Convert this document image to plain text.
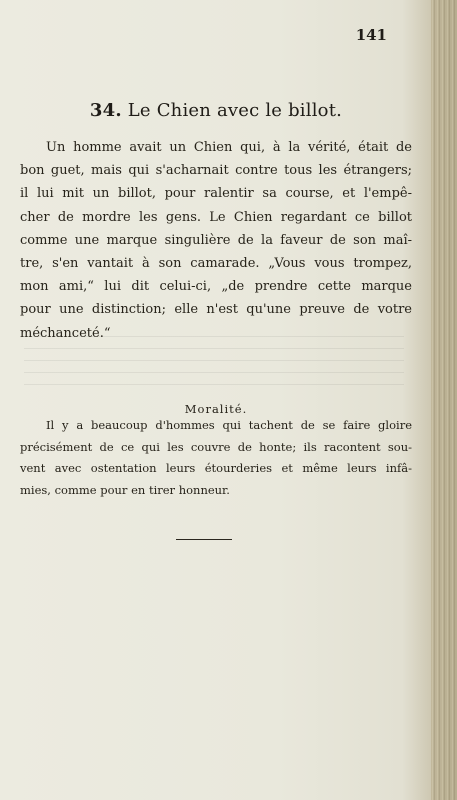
141
34. Le Chien avec le billot.
Un homme avait un Chien qui, à la vérité, était de
bon guet, mais qui s'acharnait contre tous les étrangers;
il lui mit un billot, pour ralentir sa course, et l'empê-
cher de mordre les gens. Le Chien regardant ce billot
comme une marque singulière de la faveur de son maî-
tre, s'en vantait à son camarade. „Vous vous trompez,
mon ami,“ lui dit celui-ci, „de prendre cette marque
pour une distinction; elle n'est qu'une preuve de votre
méchanceté.“
Moralité.
Il y a beaucoup d'hommes qui tachent de se faire gloire
précisément de ce qui les couvre de honte; ils racontent sou-
vent avec ostentation leurs étourderies et même leurs infâ-
mies, comme pour en tirer honneur.
